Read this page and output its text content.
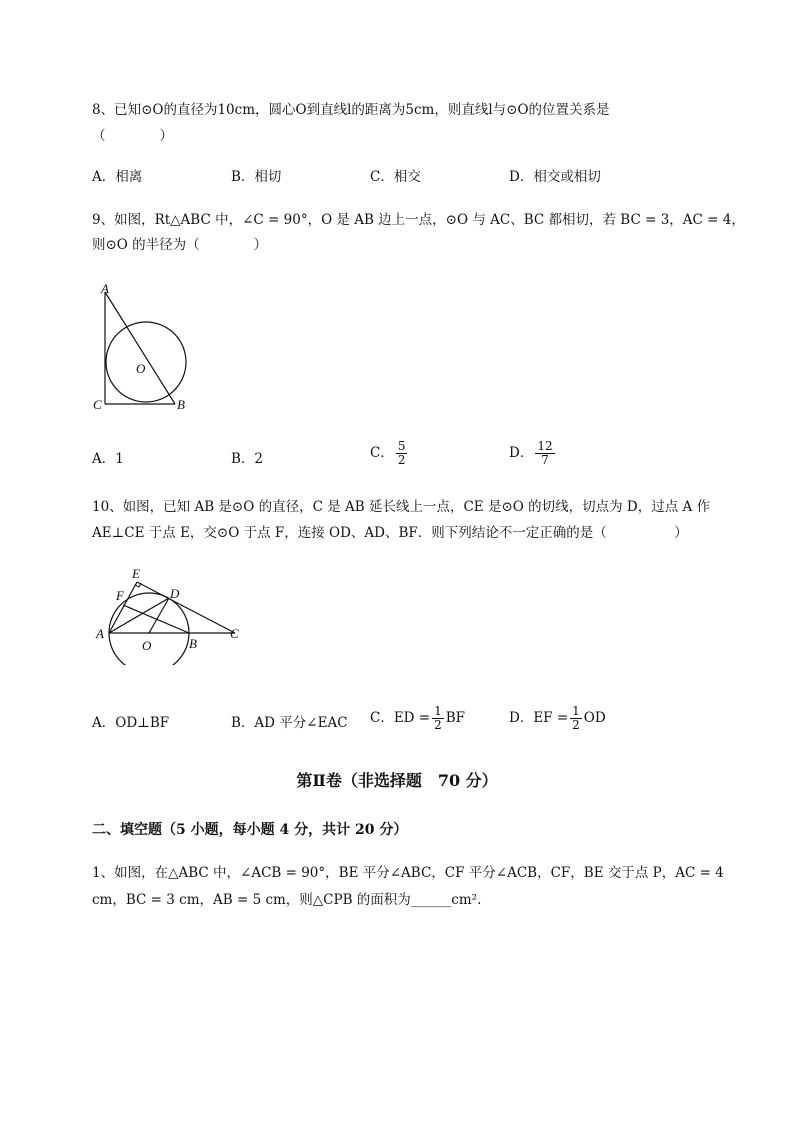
8、已知⊙O的直径为10cm，圆心O到直线l的距离为5cm，则直线l与⊙O的位置关系是
（　　　　）
A．相离	B．相切	C．相交	D．相交或相切
9、如图，Rt△ABC 中，∠C = 90°，O 是 AB 边上一点，⊙O 与 AC、BC 都相切，若 BC = 3，AC = 4，
则⊙O 的半径为（　　　　）
A
C	B
O
A．1	B．2	C． $\frac{5}{2}$	D． $\frac{12}{7}$
10、如图，已知 AB 是⊙O 的直径，C 是 AB 延长线上一点，CE 是⊙O 的切线，切点为 D，过点 A 作
AE⊥CE 于点 E，交⊙O 于点 F，连接 OD、AD、BF．则下列结论不一定正确的是（　　　　　）
E
F	D
A
O	B
C
A．OD⊥BF	B．AD 平分∠EAC C．ED = $\frac{1}{2}$ BF	D．EF = $\frac{1}{2}$ OD
第Ⅱ卷（非选择题　70 分）
二、填空题（5 小题，每小题 4 分，共计 20 分）
1、如图，在△ABC 中，∠ACB = 90°，BE 平分∠ABC，CF 平分∠ACB，CF，BE 交于点 P，AC = 4
cm，BC = 3 cm，AB = 5 cm，则△CPB 的面积为______cm².
